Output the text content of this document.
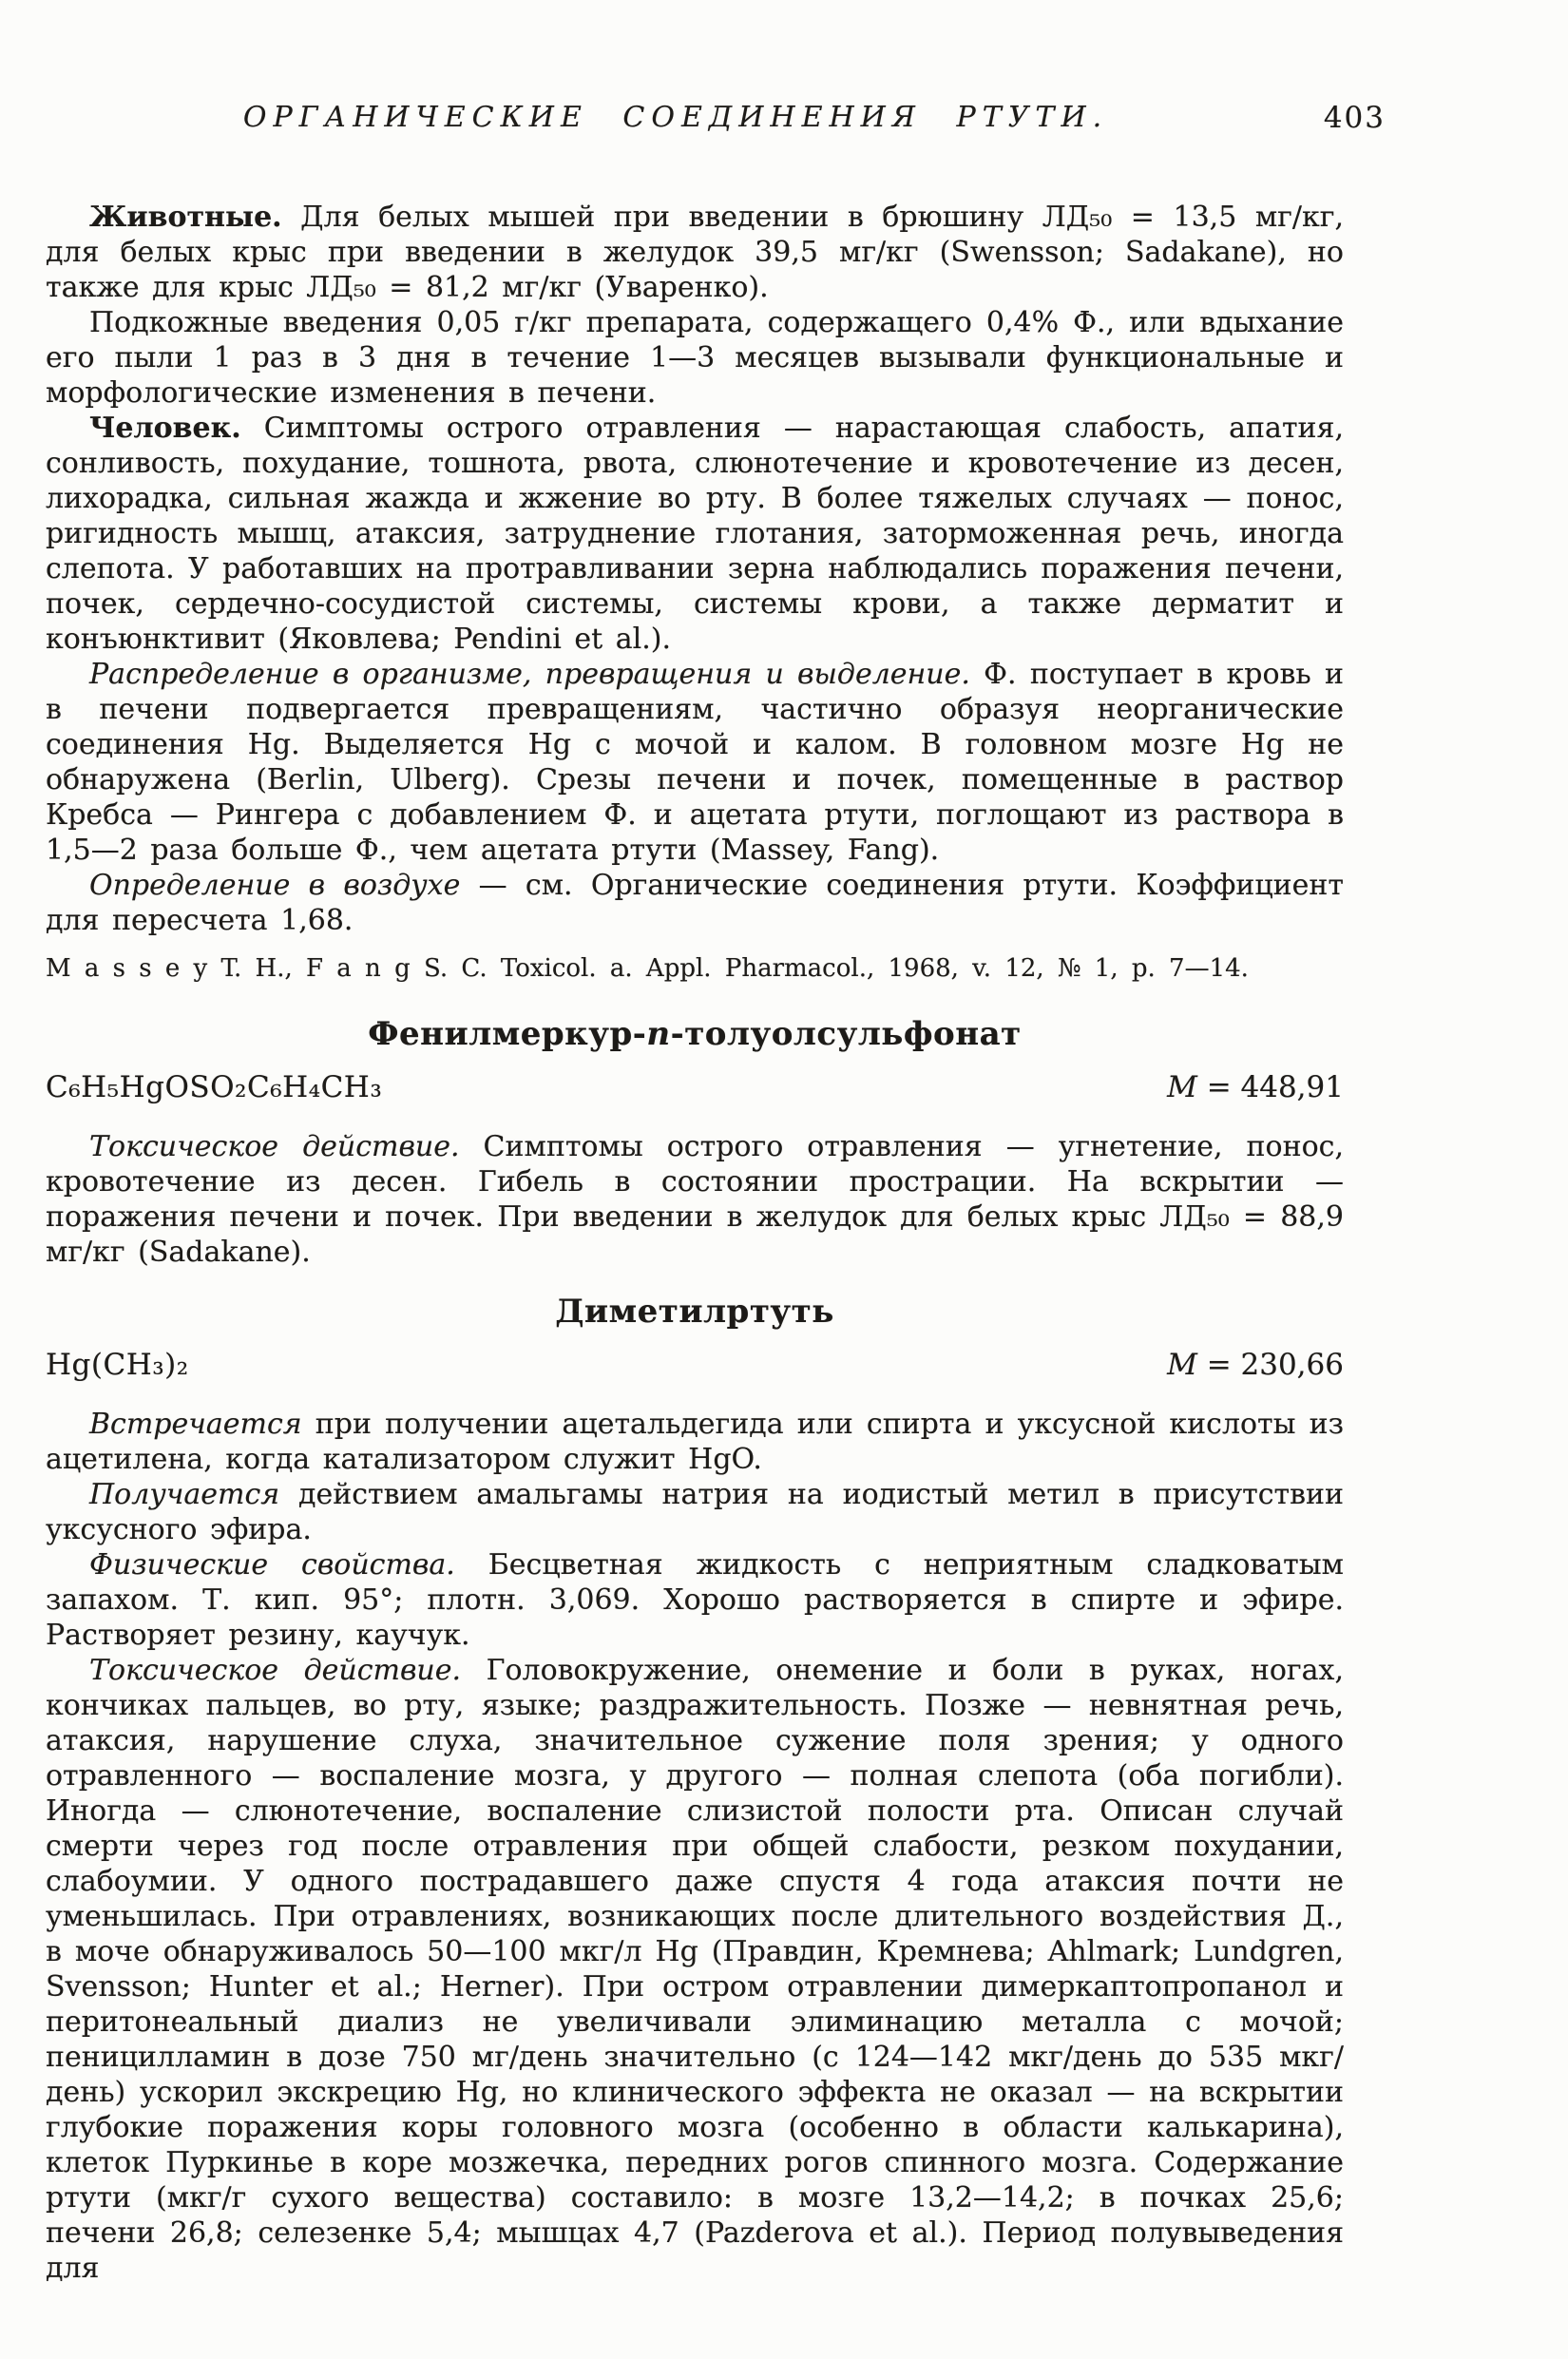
ОРГАНИЧЕСКИЕ СОЕДИНЕНИЯ РТУТИ.	403

Животные. Для белых мышей при введении в брюшину ЛД₅₀ = 13,5 мг/кг, для белых крыс при введении в желудок 39,5 мг/кг (Swensson; Sadakane), но также для крыс ЛД₅₀ = 81,2 мг/кг (Уваренко).

Подкожные введения 0,05 г/кг препарата, содержащего 0,4% Ф., или вдыхание его пыли 1 раз в 3 дня в течение 1—3 месяцев вызывали функциональные и морфологические изменения в печени.

Человек. Симптомы острого отравления — нарастающая слабость, апатия, сонливость, похудание, тошнота, рвота, слюнотечение и кровотечение из десен, лихорадка, сильная жажда и жжение во рту. В более тяжелых случаях — понос, ригидность мышц, атаксия, затруднение глотания, заторможенная речь, иногда слепота. У работавших на протравливании зерна наблюдались поражения печени, почек, сердечно-сосудистой системы, системы крови, а также дерматит и конъюнктивит (Яковлева; Pendini et al.).

Распределение в организме, превращения и выделение. Ф. поступает в кровь и в печени подвергается превращениям, частично образуя неорганические соединения Hg. Выделяется Hg с мочой и калом. В головном мозге Hg не обнаружена (Berlin, Ulberg). Срезы печени и почек, помещенные в раствор Кребса — Рингера с добавлением Ф. и ацетата ртути, поглощают из раствора в 1,5—2 раза больше Ф., чем ацетата ртути (Massey, Fang).

Определение в воздухе — см. Органические соединения ртути. Коэффициент для пересчета 1,68.

M a s s e y T. H., F a n g S. C. Toxicol. a. Appl. Pharmacol., 1968, v. 12, № 1, p. 7—14.

Фенилмеркур-п-толуолсульфонат
C₆H₅HgOSO₂C₆H₄CH₃	М = 448,91

Токсическое действие. Симптомы острого отравления — угнетение, понос, кровотечение из десен. Гибель в состоянии прострации. На вскрытии — поражения печени и почек. При введении в желудок для белых крыс ЛД₅₀ = 88,9 мг/кг (Sadakane).

Диметилртуть
Hg(CH₃)₂	М = 230,66

Встречается при получении ацетальдегида или спирта и уксусной кислоты из ацетилена, когда катализатором служит HgO.

Получается действием амальгамы натрия на иодистый метил в присутствии уксусного эфира.

Физические свойства. Бесцветная жидкость с неприятным сладковатым запахом. Т. кип. 95°; плотн. 3,069. Хорошо растворяется в спирте и эфире. Растворяет резину, каучук.

Токсическое действие. Головокружение, онемение и боли в руках, ногах, кончиках пальцев, во рту, языке; раздражительность. Позже — невнятная речь, атаксия, нарушение слуха, значительное сужение поля зрения; у одного отравленного — воспаление мозга, у другого — полная слепота (оба погибли). Иногда — слюнотечение, воспаление слизистой полости рта. Описан случай смерти через год после отравления при общей слабости, резком похудании, слабоумии. У одного пострадавшего даже спустя 4 года атаксия почти не уменьшилась. При отравлениях, возникающих после длительного воздействия Д., в моче обнаруживалось 50—100 мкг/л Hg (Правдин, Кремнева; Ahlmark; Lundgren, Svensson; Hunter et al.; Herner). При остром отравлении димеркаптопропанол и перитонеальный диализ не увеличивали элиминацию металла с мочой; пеницилламин в дозе 750 мг/день значительно (с 124—142 мкг/день до 535 мкг/день) ускорил экскрецию Hg, но клинического эффекта не оказал — на вскрытии глубокие поражения коры головного мозга (особенно в области калькарина), клеток Пуркинье в коре мозжечка, передних рогов спинного мозга. Содержание ртути (мкг/г сухого вещества) составило: в мозге 13,2—14,2; в почках 25,6; печени 26,8; селезенке 5,4; мышцах 4,7 (Pazderova et al.). Период полувыведения для
